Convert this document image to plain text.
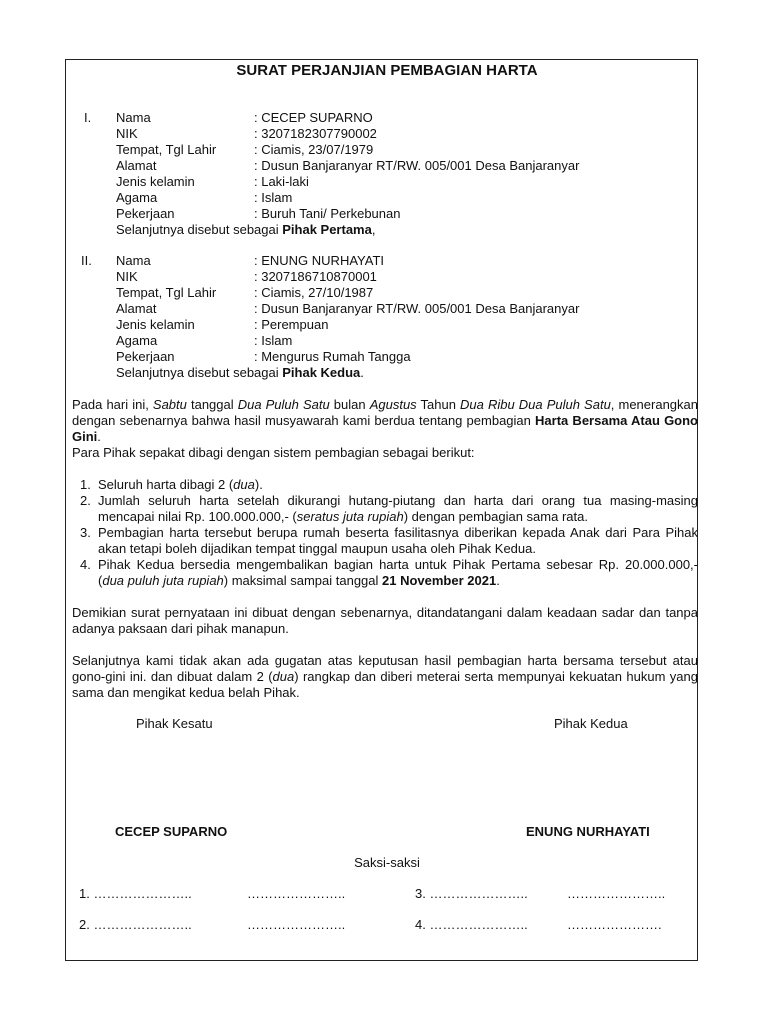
SURAT PERJANJIAN PEMBAGIAN HARTA
I.	Nama	: CECEP SUPARNO
NIK	: 3207182307790002
Tempat, Tgl Lahir	: Ciamis, 23/07/1979
Alamat	: Dusun Banjaranyar RT/RW. 005/001 Desa Banjaranyar
Jenis kelamin	: Laki-laki
Agama	: Islam
Pekerjaan	: Buruh Tani/ Perkebunan
Selanjutnya disebut sebagai Pihak Pertama,
II.	Nama	: ENUNG NURHAYATI
NIK	: 3207186710870001
Tempat, Tgl Lahir	: Ciamis, 27/10/1987
Alamat	: Dusun Banjaranyar RT/RW. 005/001 Desa Banjaranyar
Jenis kelamin	: Perempuan
Agama	: Islam
Pekerjaan	: Mengurus Rumah Tangga
Selanjutnya disebut sebagai Pihak Kedua.

Pada hari ini, Sabtu tanggal Dua Puluh Satu bulan Agustus Tahun Dua Ribu Dua Puluh Satu, menerangkan dengan sebenarnya bahwa hasil musyawarah kami berdua tentang pembagian Harta Bersama Atau Gono Gini.

Para Pihak sepakat dibagi dengan sistem pembagian sebagai berikut:

1. Seluruh harta dibagi 2 (dua).
2. Jumlah seluruh harta setelah dikurangi hutang-piutang dan harta dari orang tua masing-masing mencapai nilai Rp. 100.000.000,- (seratus juta rupiah) dengan pembagian sama rata.
3. Pembagian harta tersebut berupa rumah beserta fasilitasnya diberikan kepada Anak dari Para Pihak akan tetapi boleh dijadikan tempat tinggal maupun usaha oleh Pihak Kedua.
4. Pihak Kedua bersedia mengembalikan bagian harta untuk Pihak Pertama sebesar Rp. 20.000.000,- (dua puluh juta rupiah) maksimal sampai tanggal 21 November 2021.

Demikian surat pernyataan ini dibuat dengan sebenarnya, ditandatangani dalam keadaan sadar dan tanpa adanya paksaan dari pihak manapun.

Selanjutnya kami tidak akan ada gugatan atas keputusan hasil pembagian harta bersama tersebut atau gono-gini ini. dan dibuat dalam 2 (dua) rangkap dan diberi meterai serta mempunyai kekuatan hukum yang sama dan mengikat kedua belah Pihak.

Pihak Kesatu	Pihak Kedua
CECEP SUPARNO	ENUNG NURHAYATI
Saksi-saksi
1. …………………..	…………………..	3. …………………..	…………………..
2. …………………..	…………………..	4. …………………..	………………….
